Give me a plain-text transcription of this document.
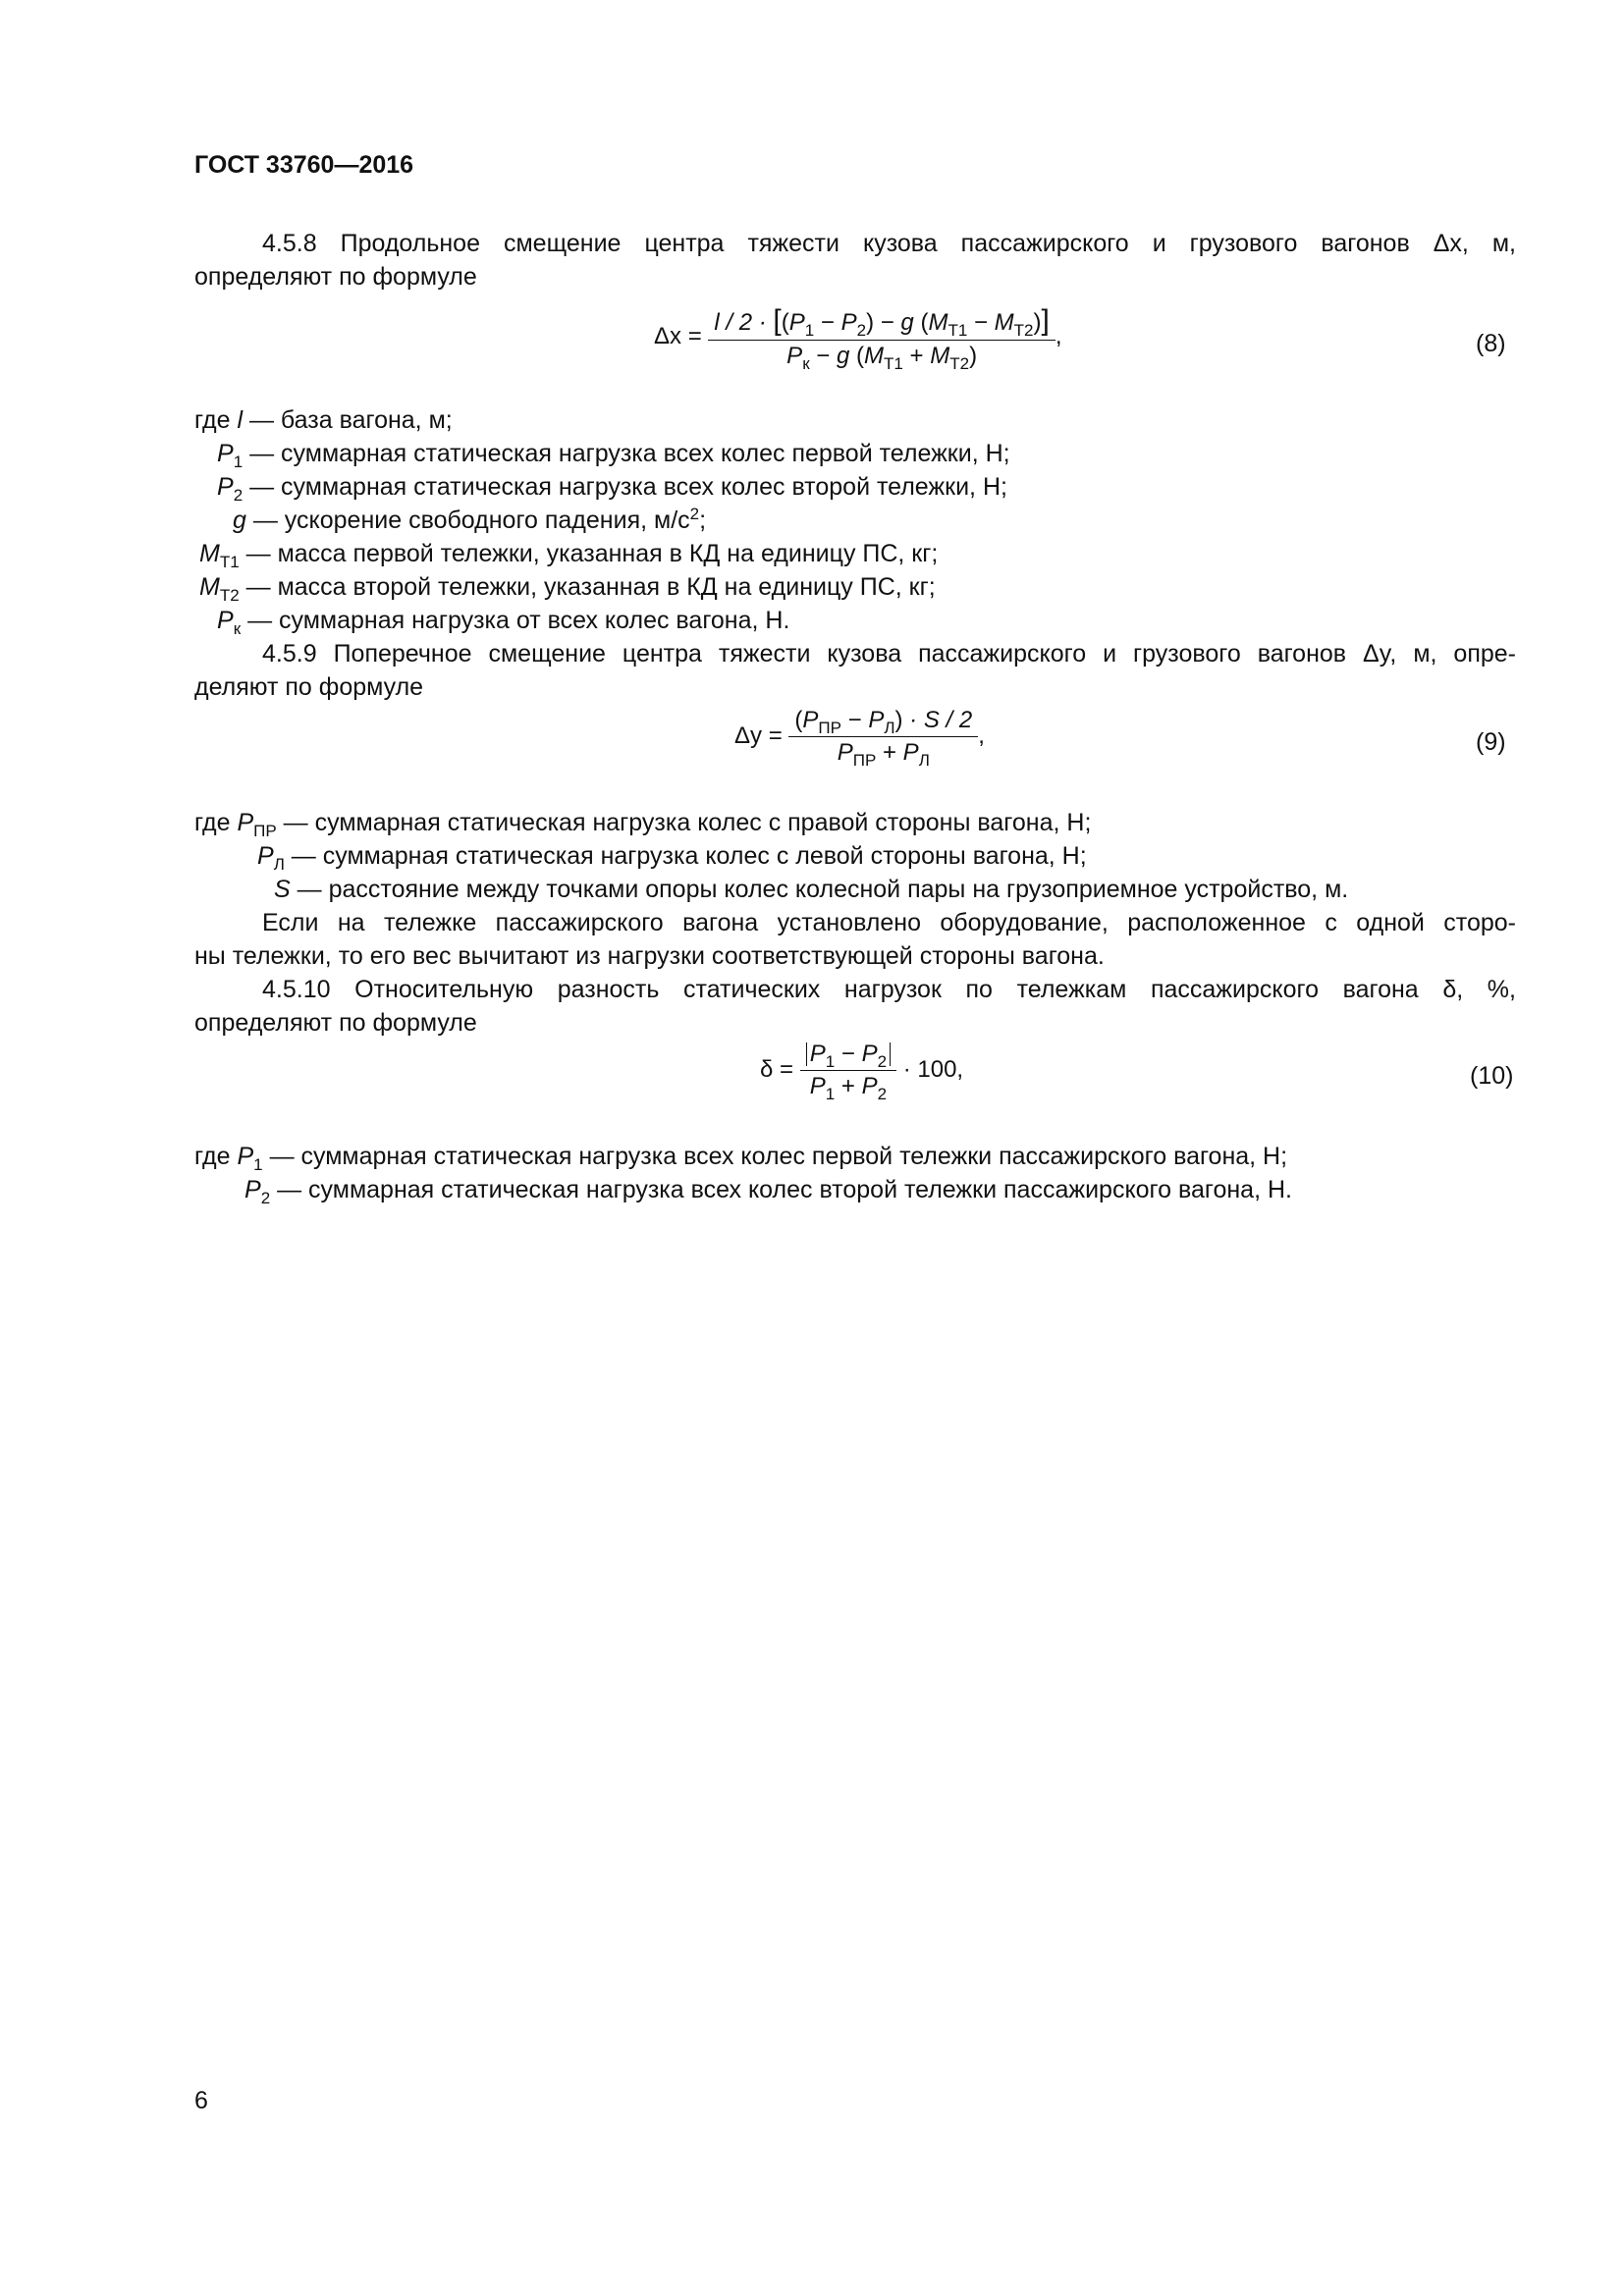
ГОСТ 33760—2016
4.5.8 Продольное смещение центра тяжести кузова пассажирского и грузового вагонов Δx, м,
определяют по формуле
$\Delta x = \frac{l / 2 \cdot [(P_1 - P_2) - g (M_{Т1} - M_{Т2})]}{P_к - g (M_{Т1} + M_{Т2})}$ ,	(8)
где l — база вагона, м;
$P_1$ — суммарная статическая нагрузка всех колес первой тележки, Н;
$P_2$ — суммарная статическая нагрузка всех колес второй тележки, Н;
g — ускорение свободного падения, $м/с^2$;
$M_{Т1}$ — масса первой тележки, указанная в КД на единицу ПС, кг;
$M_{Т2}$ — масса второй тележки, указанная в КД на единицу ПС, кг;
$P_к$ — суммарная нагрузка от всех колес вагона, Н.
4.5.9 Поперечное смещение центра тяжести кузова пассажирского и грузового вагонов Δy, м, опре-
деляют по формуле
$\Delta y = \frac{(P_{ПР} - P_Л) \cdot S / 2}{P_{ПР} + P_Л}$ ,	(9)
где $P_{ПР}$ — суммарная статическая нагрузка колес с правой стороны вагона, Н;
$P_Л$ — суммарная статическая нагрузка колес с левой стороны вагона, Н;
S — расстояние между точками опоры колес колесной пары на грузоприемное устройство, м.
Если на тележке пассажирского вагона установлено оборудование, расположенное с одной сторо-
ны тележки, то его вес вычитают из нагрузки соответствующей стороны вагона.
4.5.10 Относительную разность статических нагрузок по тележкам пассажирского вагона δ, %,
определяют по формуле
$\delta = \frac{P_1 - P_2}{P_1 + P_2} \cdot 100$,	(10)
где $P_1$ — суммарная статическая нагрузка всех колес первой тележки пассажирского вагона, Н;
$P_2$ — суммарная статическая нагрузка всех колес второй тележки пассажирского вагона, Н.
6
